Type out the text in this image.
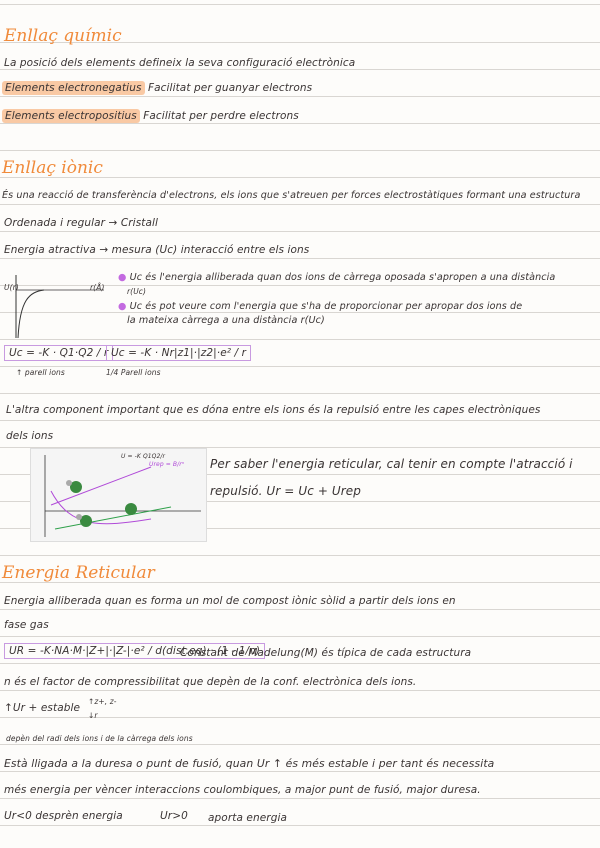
Enllaç químic
La posició dels elements defineix la seva configuració electrònica
Elements electronegatius Facilitat per guanyar electrons
Elements electropositius Facilitat per perdre electrons
Enllaç iònic
És una reacció de transferència d'electrons, els ions que s'atreuen per forces electrostàtiques formant una estructura
Ordenada i regular → Cristall
Energia atractiva → mesura (Uc) interacció entre els ions
U(r)	r(Å)
● Uc és l'energia alliberada quan dos ions de càrrega oposada s'apropen a una distància
r(Uc)
● Uc és pot veure com l'energia que s'ha de proporcionar per apropar dos ions de
la mateixa càrrega a una distància r(Uc)
Uc = -K · Q1·Q2 / r
↑ parell ions
Uc = -K · Nr|z1|·|z2|·e² / r
1/4 Parell ions
L'altra component important que es dóna entre els ions és la repulsió entre les capes electròniques
dels ions
U = -K Q1Q2/r
Urep = B/rⁿ Per saber l'energia reticular, cal tenir en compte l'atracció i
repulsió. Ur = Uc + Urep
Energia Reticular
Energia alliberada quan es forma un mol de compost iònic sòlid a partir dels ions en
fase gas
UR = -K·NA·M·|Z+|·|Z-|·e² / d(dist.eq) · (1 - 1/n)
Constant de Madelung(M) és típica de cada estructura
n és el factor de compressibilitat que depèn de la conf. electrònica dels ions.
↑Ur + estable
↑z+, z-
↓r
depèn del radi dels ions i de la càrrega dels ions
Està lligada a la duresa o punt de fusió, quan Ur ↑ és més estable i per tant és necessita
més energia per vèncer interaccions coulombiques, a major punt de fusió, major duresa.
Ur<0 desprèn energia	Ur>0 aporta energia
